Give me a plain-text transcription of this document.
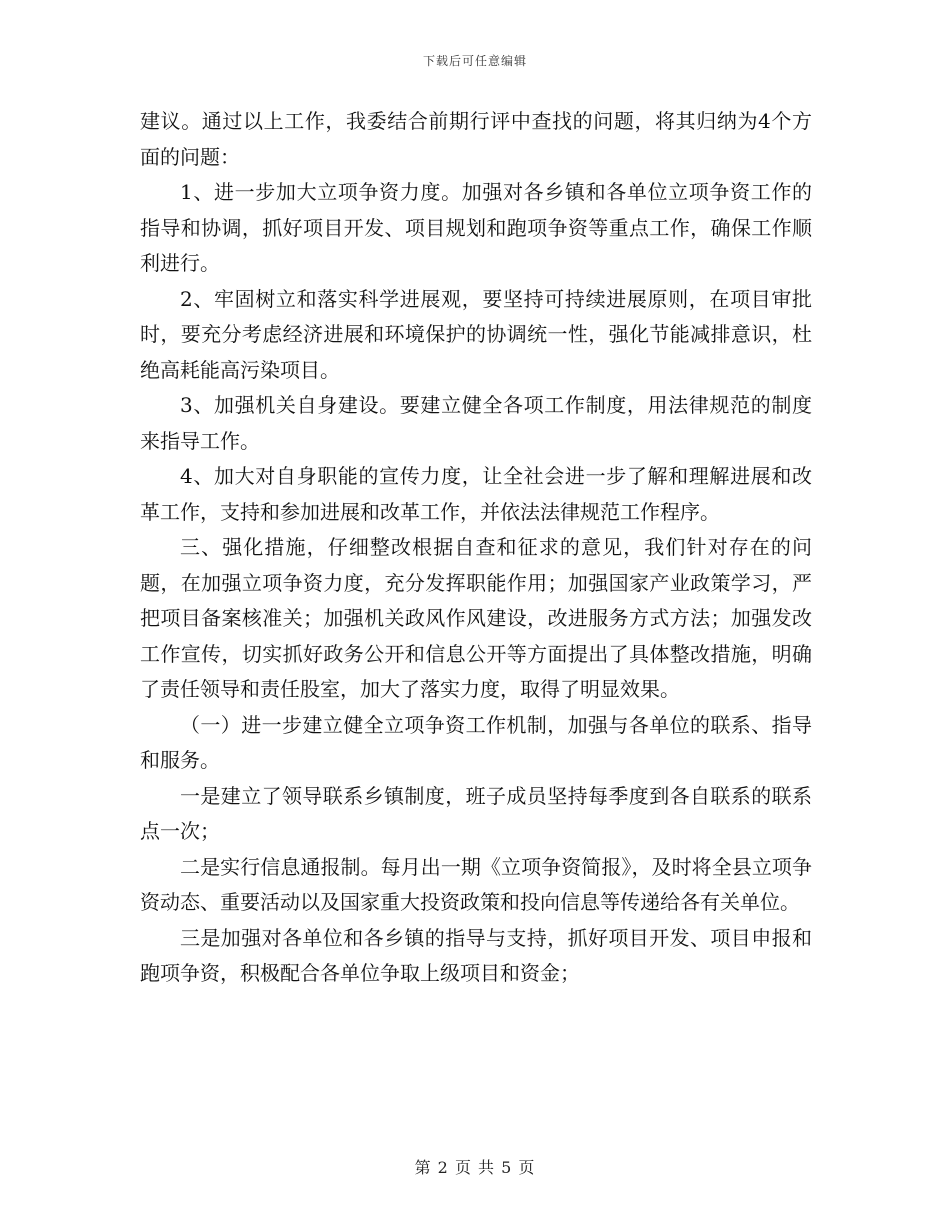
下载后可任意编辑

建议。通过以上工作，我委结合前期行评中查找的问题，将其归纳为4个方面的问题：

1、进一步加大立项争资力度。加强对各乡镇和各单位立项争资工作的指导和协调，抓好项目开发、项目规划和跑项争资等重点工作，确保工作顺利进行。

2、牢固树立和落实科学进展观，要坚持可持续进展原则，在项目审批时，要充分考虑经济进展和环境保护的协调统一性，强化节能减排意识，杜绝高耗能高污染项目。

3、加强机关自身建设。要建立健全各项工作制度，用法律规范的制度来指导工作。

4、加大对自身职能的宣传力度，让全社会进一步了解和理解进展和改革工作，支持和参加进展和改革工作，并依法法律规范工作程序。

三、强化措施，仔细整改根据自查和征求的意见，我们针对存在的问题，在加强立项争资力度，充分发挥职能作用；加强国家产业政策学习，严把项目备案核准关；加强机关政风作风建设，改进服务方式方法；加强发改工作宣传，切实抓好政务公开和信息公开等方面提出了具体整改措施，明确了责任领导和责任股室，加大了落实力度，取得了明显效果。

（一）进一步建立健全立项争资工作机制，加强与各单位的联系、指导和服务。

一是建立了领导联系乡镇制度，班子成员坚持每季度到各自联系的联系点一次；

二是实行信息通报制。每月出一期《立项争资简报》，及时将全县立项争资动态、重要活动以及国家重大投资政策和投向信息等传递给各有关单位。

三是加强对各单位和各乡镇的指导与支持，抓好项目开发、项目申报和跑项争资，积极配合各单位争取上级项目和资金；

第 2 页 共 5 页
